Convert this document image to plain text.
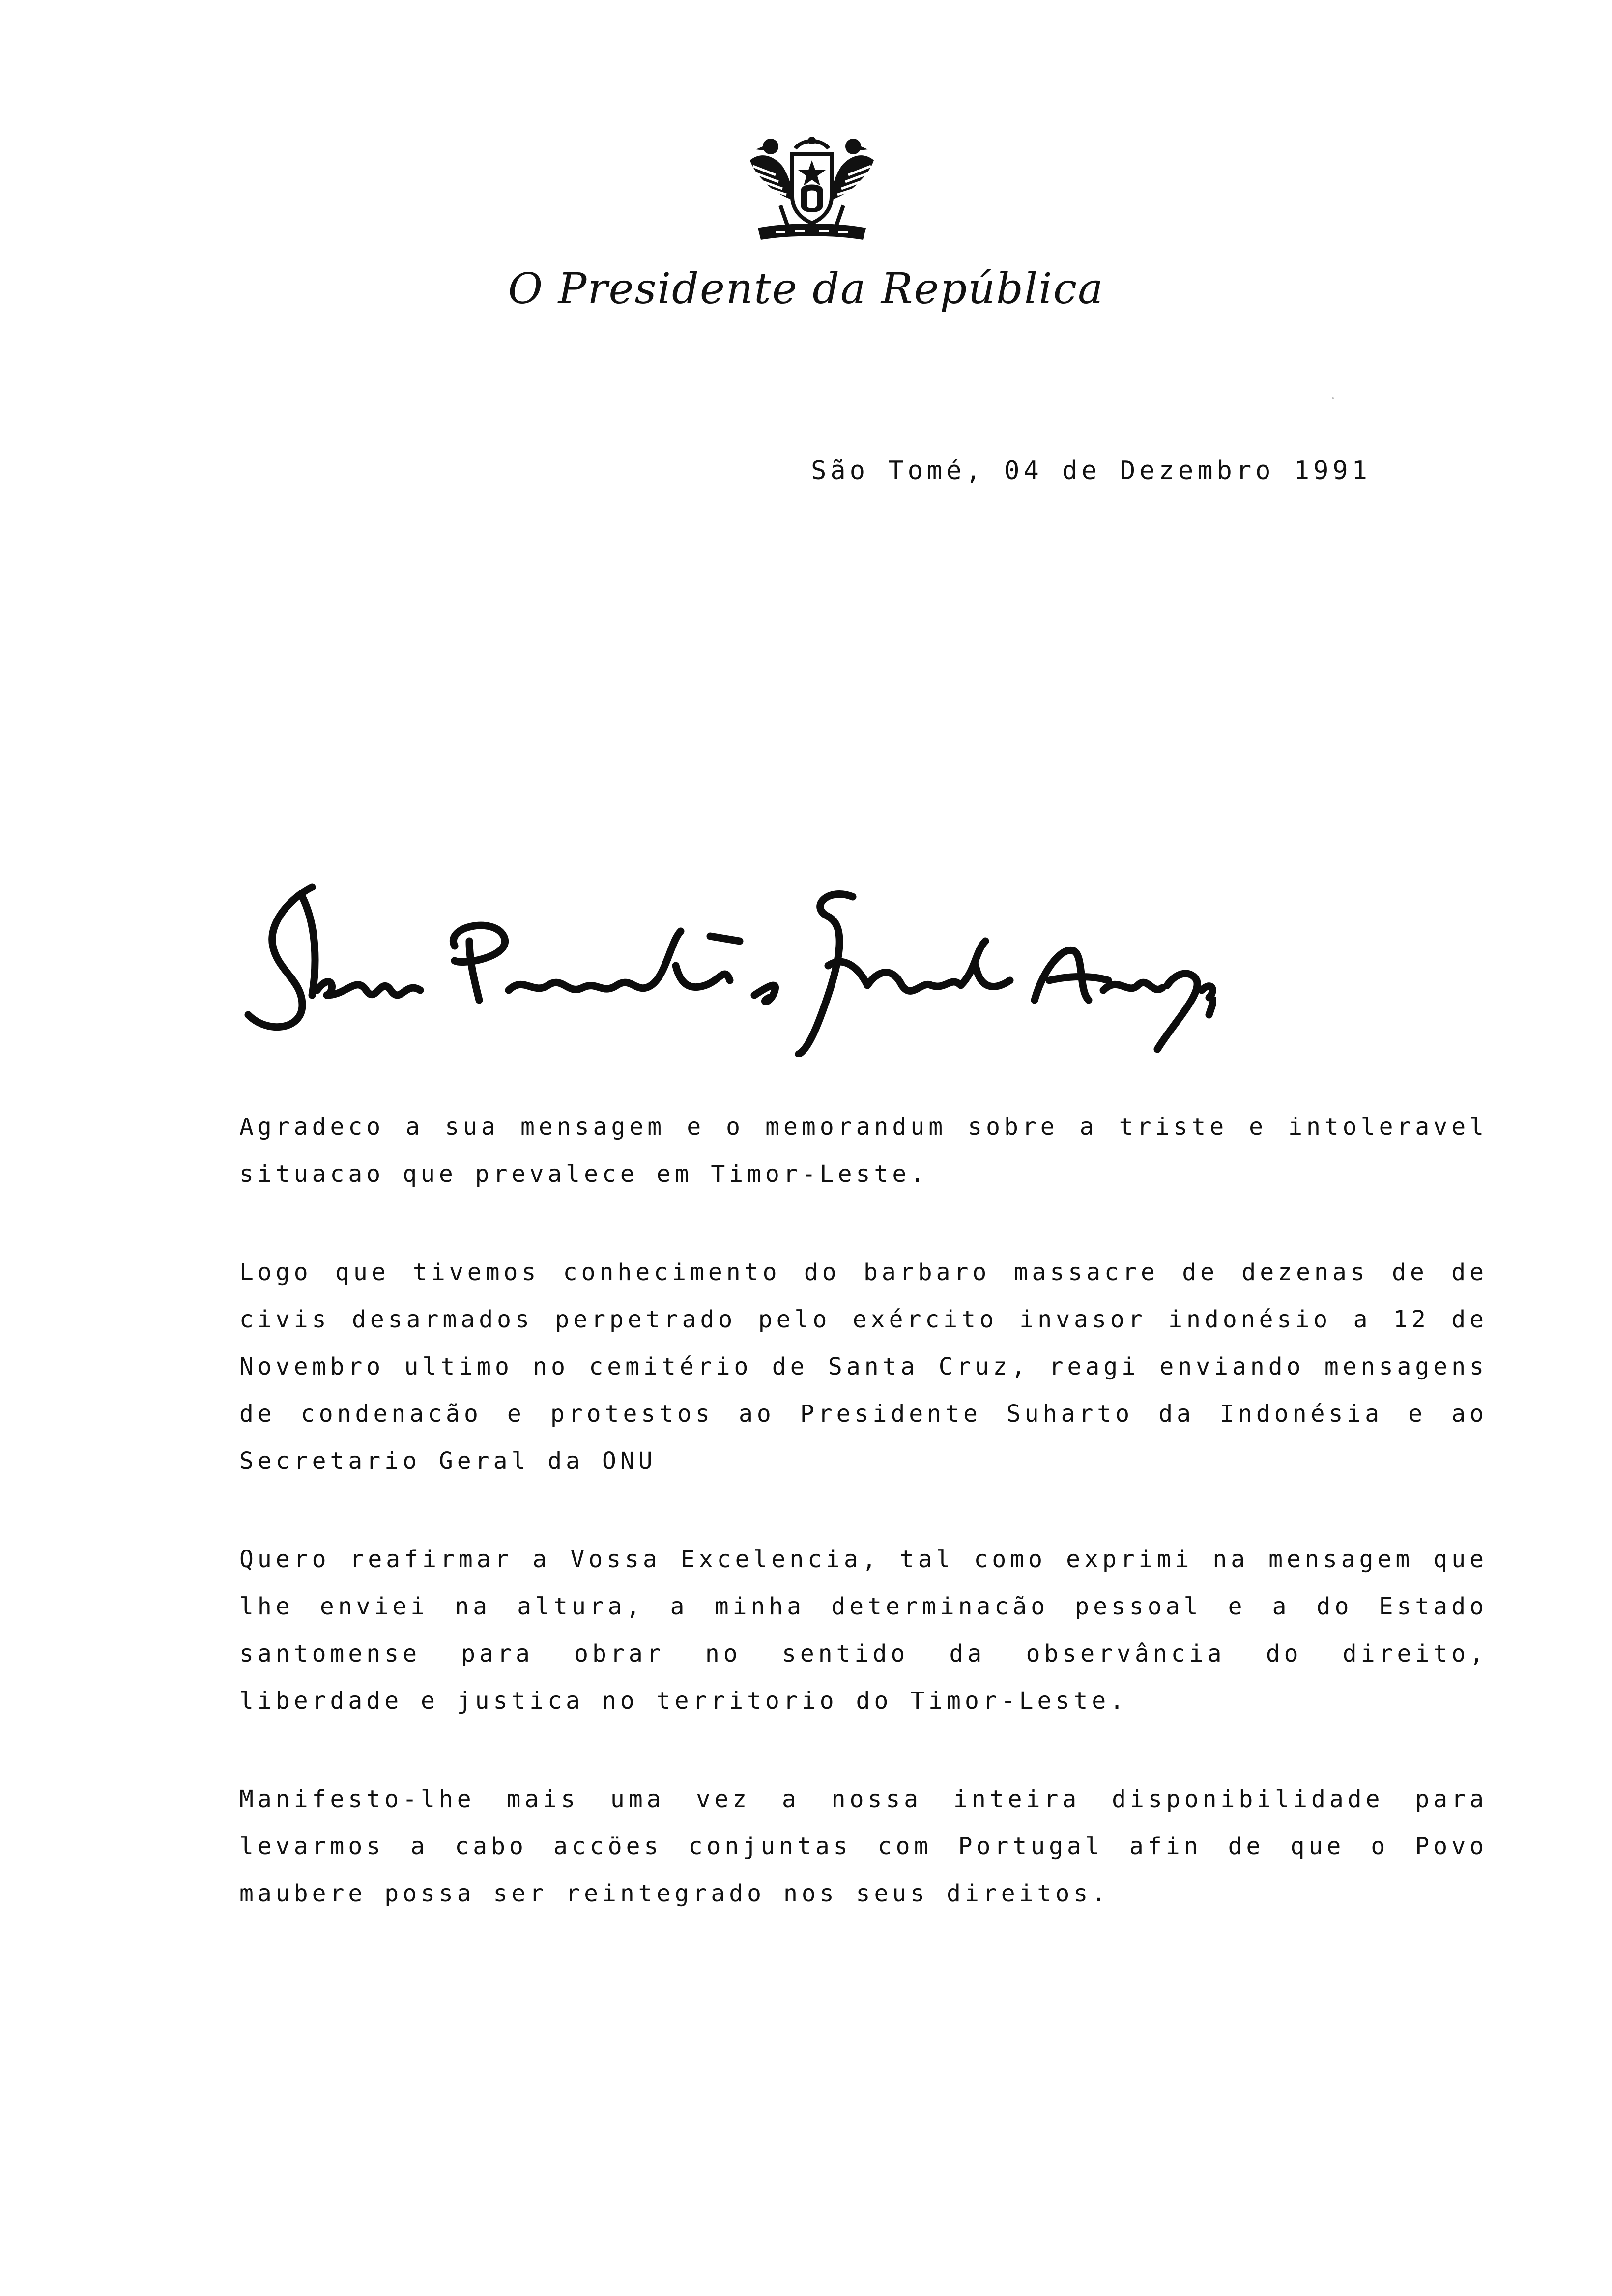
O Presidente da República
São Tomé, 04 de Dezembro 1991

Agradeco a sua mensagem e o memorandum sobre a triste e intoleravel situacao que prevalece em Timor-Leste.

Logo que tivemos conhecimento do barbaro massacre de dezenas de de civis desarmados perpetrado pelo exército invasor indonésio a 12 de Novembro ultimo no cemitério de Santa Cruz, reagi enviando mensagens de condenacão e protestos ao Presidente Suharto da Indonésia e ao Secretario Geral da ONU

Quero reafirmar a Vossa Excelencia, tal como exprimi na mensagem que lhe enviei na altura, a minha determinacão pessoal e a do Estado santomense para obrar no sentido da observância do direito, liberdade e justica no territorio do Timor-Leste.

Manifesto-lhe mais uma vez a nossa inteira disponibilidade para levarmos a cabo accöes conjuntas com Portugal afin de que o Povo maubere possa ser reintegrado nos seus direitos.
